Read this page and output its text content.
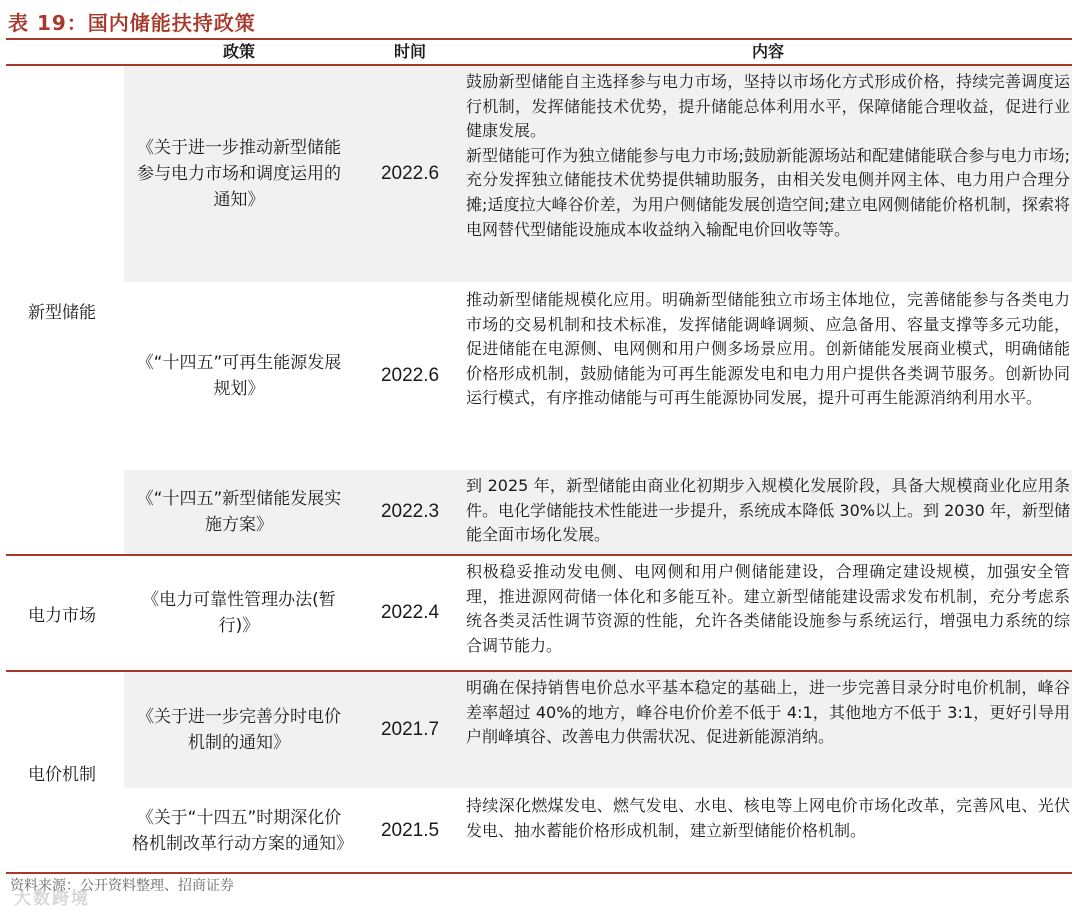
表 19：国内储能扶持政策
政策	时间	内容
新型储能
电力市场
电价机制
《关于进一步推动新型储能参与电力市场和调度运用的通知》
2022.6

鼓励新型储能自主选择参与电力市场，坚持以市场化方式形成价格，持续完善调度运行机制，发挥储能技术优势，提升储能总体利用水平，保障储能合理收益，促进行业健康发展。

新型储能可作为独立储能参与电力市场;鼓励新能源场站和配建储能联合参与电力市场;充分发挥独立储能技术优势提供辅助服务，由相关发电侧并网主体、电力用户合理分摊;适度拉大峰谷价差，为用户侧储能发展创造空间;建立电网侧储能价格机制，探索将电网替代型储能设施成本收益纳入输配电价回收等等。

《“十四五”可再生能源发展规划》
2022.6

推动新型储能规模化应用。明确新型储能独立市场主体地位，完善储能参与各类电力市场的交易机制和技术标准，发挥储能调峰调频、应急备用、容量支撑等多元功能，促进储能在电源侧、电网侧和用户侧多场景应用。创新储能发展商业模式，明确储能价格形成机制，鼓励储能为可再生能源发电和电力用户提供各类调节服务。创新协同运行模式，有序推动储能与可再生能源协同发展，提升可再生能源消纳利用水平。

《“十四五”新型储能发展实施方案》
2022.3

到 2025 年，新型储能由商业化初期步入规模化发展阶段，具备大规模商业化应用条件。电化学储能技术性能进一步提升，系统成本降低 30%以上。到 2030 年，新型储能全面市场化发展。

《电力可靠性管理办法(暂行)》
2022.4

积极稳妥推动发电侧、电网侧和用户侧储能建设，合理确定建设规模，加强安全管理，推进源网荷储一体化和多能互补。建立新型储能建设需求发布机制，充分考虑系统各类灵活性调节资源的性能，允许各类储能设施参与系统运行，增强电力系统的综合调节能力。

《关于进一步完善分时电价机制的通知》
2021.7

明确在保持销售电价总水平基本稳定的基础上，进一步完善目录分时电价机制，峰谷差率超过 40%的地方，峰谷电价价差不低于 4:1，其他地方不低于 3:1，更好引导用户削峰填谷、改善电力供需状况、促进新能源消纳。

《关于“十四五”时期深化价格机制改革行动方案的通知》
2021.5

持续深化燃煤发电、燃气发电、水电、核电等上网电价市场化改革，完善风电、光伏发电、抽水蓄能价格形成机制，建立新型储能价格机制。

资料来源：公开资料整理、招商证券
大数跨境
